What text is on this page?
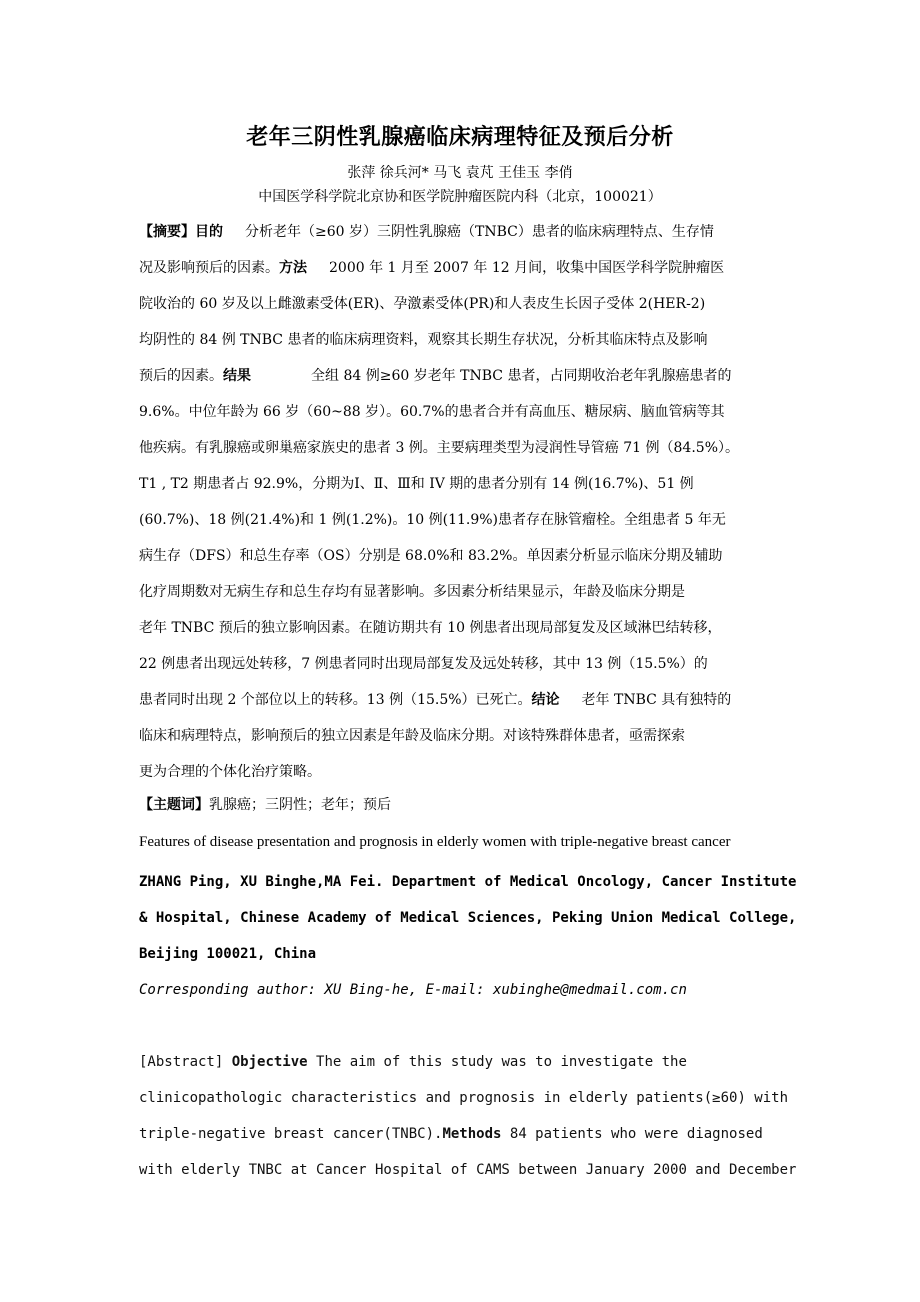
老年三阴性乳腺癌临床病理特征及预后分析
张萍 徐兵河* 马飞 袁芃 王佳玉 李俏
中国医学科学院北京协和医学院肿瘤医院内科（北京，100021）
【摘要】目的 分析老年（≥60 岁）三阴性乳腺癌（TNBC）患者的临床病理特点、生存情
况及影响预后的因素。方法 2000 年 1 月至 2007 年 12 月间，收集中国医学科学院肿瘤医
院收治的 60 岁及以上雌激素受体(ER)、孕激素受体(PR)和人表皮生长因子受体 2(HER-2)
均阴性的 84 例 TNBC 患者的临床病理资料，观察其长期生存状况，分析其临床特点及影响
预后的因素。结果	全组 84 例≥60 岁老年 TNBC 患者，占同期收治老年乳腺癌患者的
9.6%。中位年龄为 66 岁（60~88 岁）。60.7%的患者合并有高血压、糖尿病、脑血管病等其
他疾病。有乳腺癌或卵巢癌家族史的患者 3 例。主要病理类型为浸润性导管癌 71 例（84.5%）。
T1 , T2 期患者占 92.9%，分期为Ⅰ、Ⅱ、Ⅲ和 IV 期的患者分别有 14 例(16.7%)、51 例
(60.7%)、18 例(21.4%)和 1 例(1.2%)。10 例(11.9%)患者存在脉管瘤栓。全组患者 5 年无
病生存（DFS）和总生存率（OS）分别是 68.0%和 83.2%。单因素分析显示临床分期及辅助
化疗周期数对无病生存和总生存均有显著影响。多因素分析结果显示，年龄及临床分期是
老年 TNBC 预后的独立影响因素。在随访期共有 10 例患者出现局部复发及区域淋巴结转移，
22 例患者出现远处转移，7 例患者同时出现局部复发及远处转移，其中 13 例（15.5%）的
患者同时出现 2 个部位以上的转移。13 例（15.5%）已死亡。结论 老年 TNBC 具有独特的
临床和病理特点，影响预后的独立因素是年龄及临床分期。对该特殊群体患者，亟需探索
更为合理的个体化治疗策略。
【主题词】乳腺癌；三阴性；老年；预后
Features of disease presentation and prognosis in elderly women with triple-negative breast cancer
ZHANG Ping, XU Binghe,MA Fei. Department of Medical Oncology, Cancer Institute
& Hospital, Chinese Academy of Medical Sciences, Peking Union Medical College,
Beijing 100021, China
Corresponding author: XU Bing-he, E-mail: xubinghe@medmail.com.cn
[Abstract] Objective The aim of this study was to investigate the
clinicopathologic characteristics and prognosis in elderly patients(≥60) with
triple-negative breast cancer(TNBC).Methods 84 patients who were diagnosed
with elderly TNBC at Cancer Hospital of CAMS between January 2000 and December
